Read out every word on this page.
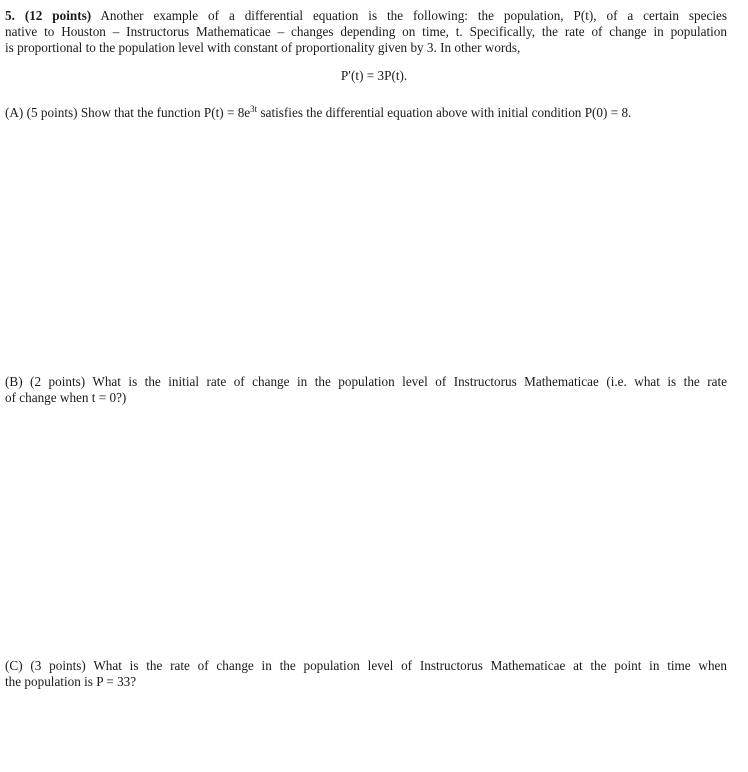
5. (12 points) Another example of a differential equation is the following: the population, P(t), of a certain species
native to Houston – Instructorus Mathematicae – changes depending on time, t. Specifically, the rate of change in population
is proportional to the population level with constant of proportionality given by 3. In other words,
P′(t) = 3P(t).
(A) (5 points) Show that the function $P(t) = 8e^{3t}$ satisfies the differential equation above with initial condition P(0) = 8.
(B) (2 points) What is the initial rate of change in the population level of Instructorus Mathematicae (i.e. what is the rate
of change when t = 0?)
(C) (3 points) What is the rate of change in the population level of Instructorus Mathematicae at the point in time when
the population is P = 33?
